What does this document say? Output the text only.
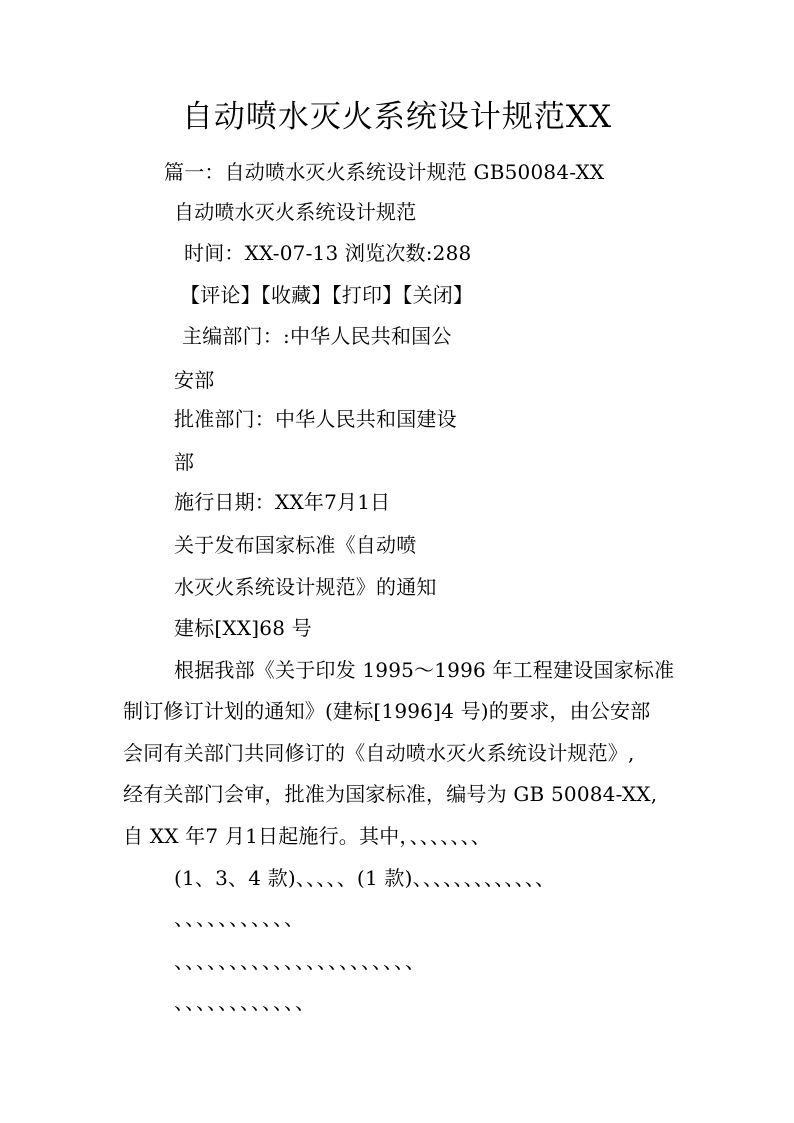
自动喷水灭火系统设计规范XX

篇一：自动喷水灭火系统设计规范 GB50084-XX

自动喷水灭火系统设计规范

时间：XX-07-13 浏览次数:288

【评论】【收藏】【打印】【关闭】

主编部门：:中华人民共和国公

安部

批准部门：中华人民共和国建设

部

施行日期：XX年7月1日

关于发布国家标准《自动喷

水灭火系统设计规范》的通知

建标[XX]68 号

根据我部《关于印发 1995～1996 年工程建设国家标准

制订修订计划的通知》(建标[1996]4 号)的要求，由公安部

会同有关部门共同修订的《自动喷水灭火系统设计规范》,

经有关部门会审，批准为国家标准，编号为 GB 50084-XX,

自 XX 年7 月1日起施行。其中，、、、、、、、

(1、3、4 款)、、、、、(1 款)、、、、、、、、、、、、、

、、、、、、、、、、、

、、、、、、、、、、、、、、、、、、、、、、

、、、、、、、、、、、、
